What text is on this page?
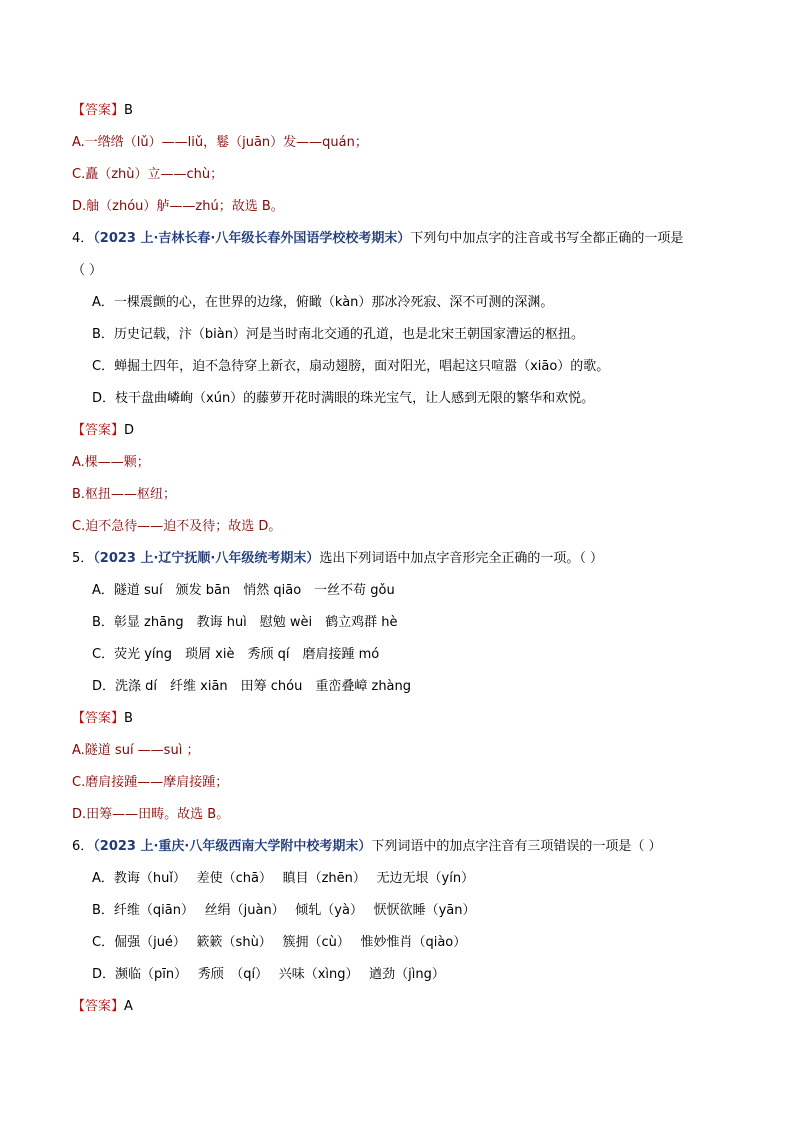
【答案】B
A.一绺绺（lǔ）——liǔ，鬈（juān）发——quán；
C.矗（zhù）立——chù；
D.舳（zhóu）舻——zhú；故选 B。
4．（2023 上·吉林长春·八年级长春外国语学校校考期末）下列句中加点字的注音或书写全都正确的一项是
（ ）
A．一棵震颤的心，在世界的边缘，俯瞰（kàn）那冰冷死寂、深不可测的深渊。
B．历史记载，汴（biàn）河是当时南北交通的孔道，也是北宋王朝国家漕运的枢扭。
C．蝉掘土四年，迫不急待穿上新衣，扇动翅膀，面对阳光，唱起这只喧嚣（xiāo）的歌。
D．枝干盘曲嶙峋（xún）的藤萝开花时满眼的珠光宝气，让人感到无限的繁华和欢悦。
【答案】D
A.棵——颗；
B.枢扭——枢纽；
C.迫不急待——迫不及待；故选 D。
5．（2023 上·辽宁抚顺·八年级统考期末）选出下列词语中加点字音形完全正确的一项。（ ）
A．隧道 suí　颁发 bān　悄然 qiāo　一丝不苟 gǒu
B．彰显 zhāng　教诲 huì　慰勉 wèi　鹤立鸡群 hè
C．荧光 yíng　琐屑 xiè　秀颀 qí　磨肩接踵 mó
D．洗涤 dí　纤维 xiān　田筹 chóu　重峦叠嶂 zhàng
【答案】B
A.隧道 suí ——suì ；
C.磨肩接踵——摩肩接踵；
D.田筹——田畴。故选 B。
6．（2023 上·重庆·八年级西南大学附中校考期末）下列词语中的加点字注音有三项错误的一项是（ ）
A．教诲（huǐ）　 差使（chā）　 瞋目（zhēn）　 无边无垠（yín）
B．纤维（qiān）　 丝绢（juàn）　 倾轧（yà）　 恹恹欲睡（yān）
C．倔强（jué）　 簌簌（shù）　 簇拥（cù）　 惟妙惟肖（qiào）
D．濒临（pīn）　 秀颀　（qí）　 兴味（xìng）　 遒劲（jìng）
【答案】A
